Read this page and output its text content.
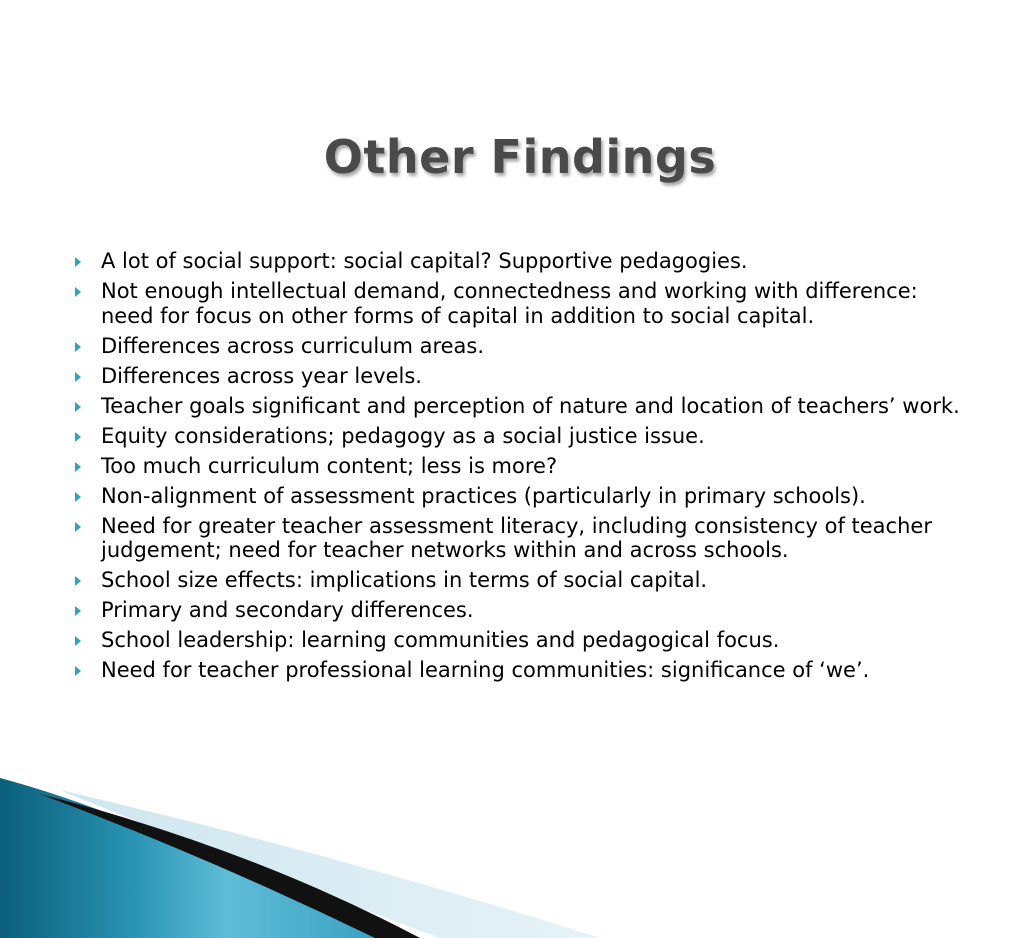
Other Findings
A lot of social support: social capital? Supportive pedagogies.
Not enough intellectual demand, connectedness and working with difference: need for focus on other forms of capital in addition to social capital.
Differences across curriculum areas.
Differences across year levels.
Teacher goals significant and perception of nature and location of teachers’ work.
Equity considerations; pedagogy as a social justice issue.
Too much curriculum content; less is more?
Non-alignment of assessment practices (particularly in primary schools).
Need for greater teacher assessment literacy, including consistency of teacher judgement; need for teacher networks within and across schools.
School size effects: implications in terms of social capital.
Primary and secondary differences.
School leadership: learning communities and pedagogical focus.
Need for teacher professional learning communities: significance of ‘we’.
